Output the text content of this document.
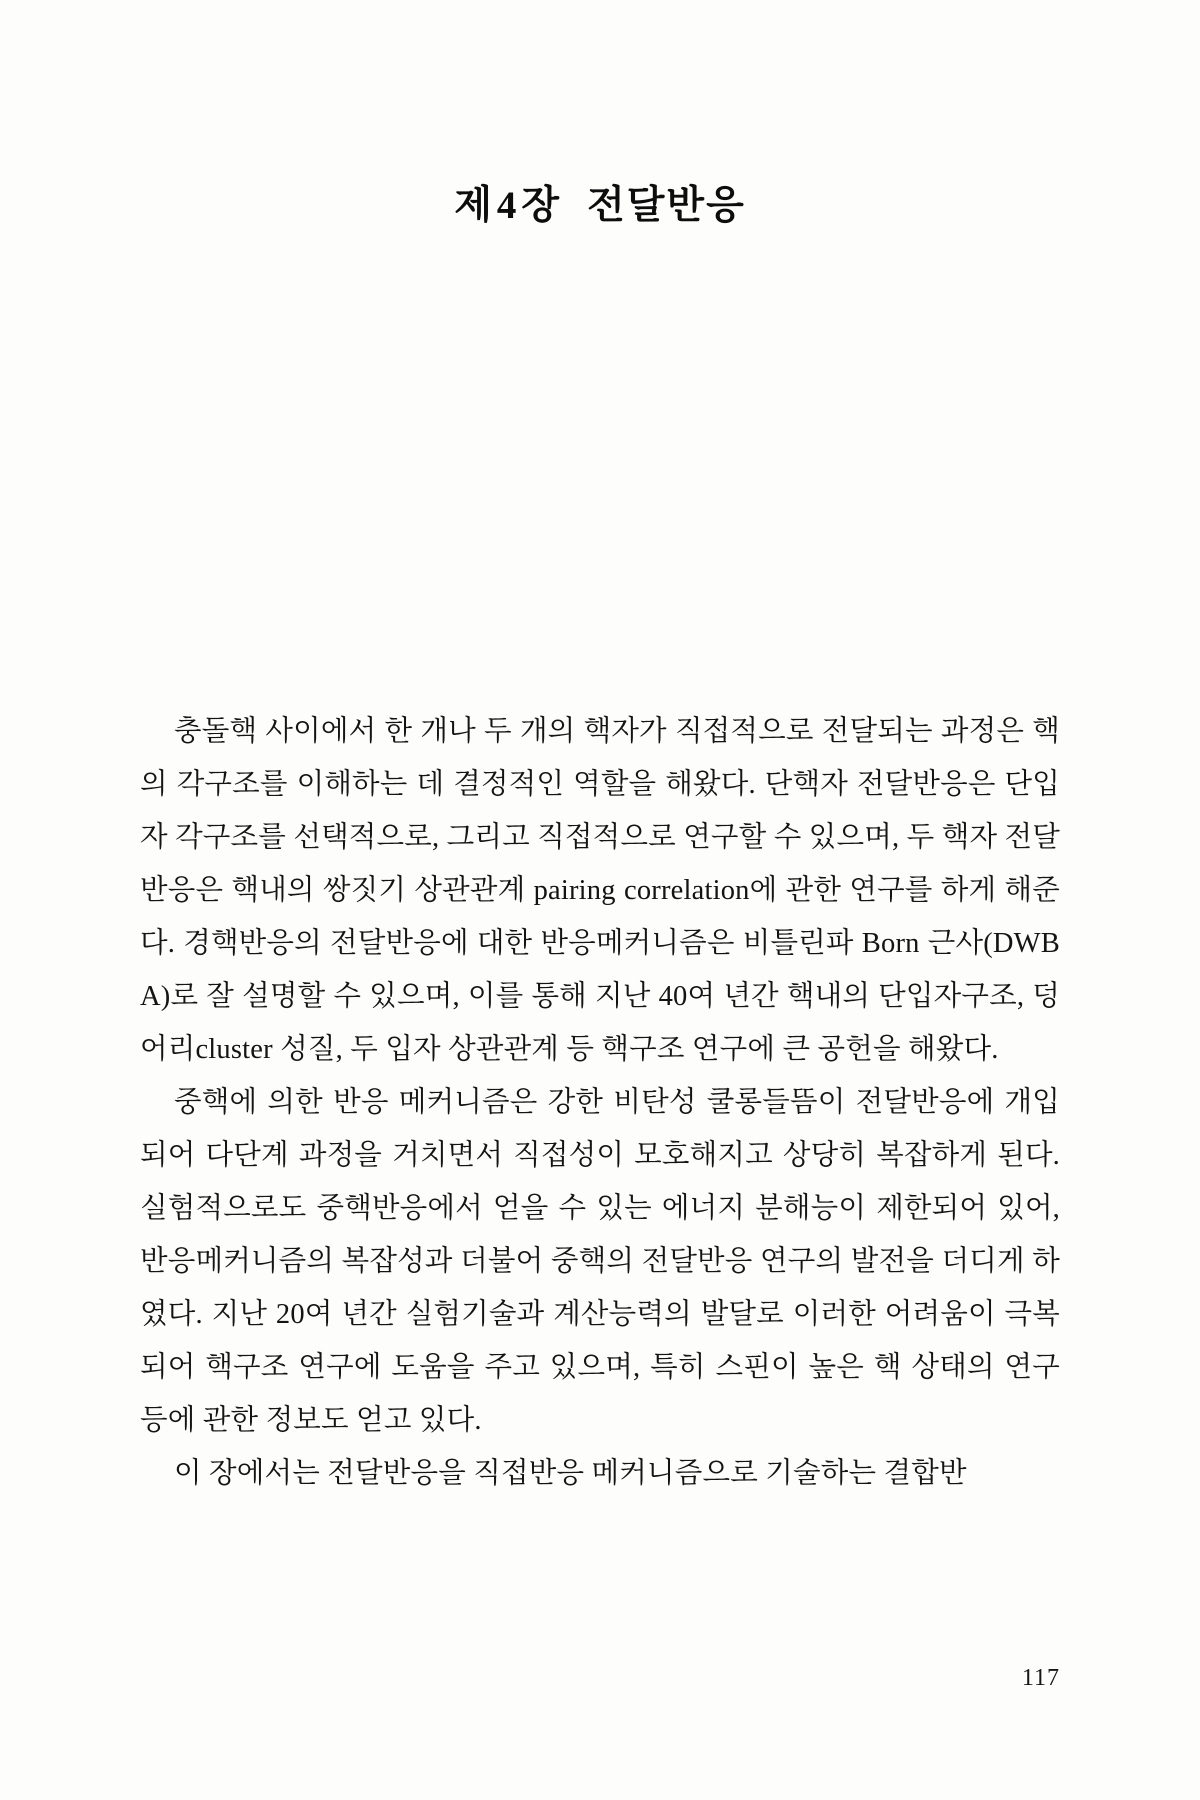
제4장 전달반응

충돌핵 사이에서 한 개나 두 개의 핵자가 직접적으로 전달되는 과정은 핵의 각구조를 이해하는 데 결정적인 역할을 해왔다. 단핵자 전달반응은 단입자 각구조를 선택적으로, 그리고 직접적으로 연구할 수 있으며, 두 핵자 전달반응은 핵내의 쌍짓기 상관관계 pairing correlation에 관한 연구를 하게 해준다. 경핵반응의 전달반응에 대한 반응메커니즘은 비틀린파 Born 근사(DWBA)로 잘 설명할 수 있으며, 이를 통해 지난 40여 년간 핵내의 단입자구조, 덩어리cluster 성질, 두 입자 상관관계 등 핵구조 연구에 큰 공헌을 해왔다.

중핵에 의한 반응 메커니즘은 강한 비탄성 쿨롱들뜸이 전달반응에 개입되어 다단계 과정을 거치면서 직접성이 모호해지고 상당히 복잡하게 된다. 실험적으로도 중핵반응에서 얻을 수 있는 에너지 분해능이 제한되어 있어, 반응메커니즘의 복잡성과 더불어 중핵의 전달반응 연구의 발전을 더디게 하였다. 지난 20여 년간 실험기술과 계산능력의 발달로 이러한 어려움이 극복되어 핵구조 연구에 도움을 주고 있으며, 특히 스핀이 높은 핵 상태의 연구 등에 관한 정보도 얻고 있다.

이 장에서는 전달반응을 직접반응 메커니즘으로 기술하는 결합반

117
